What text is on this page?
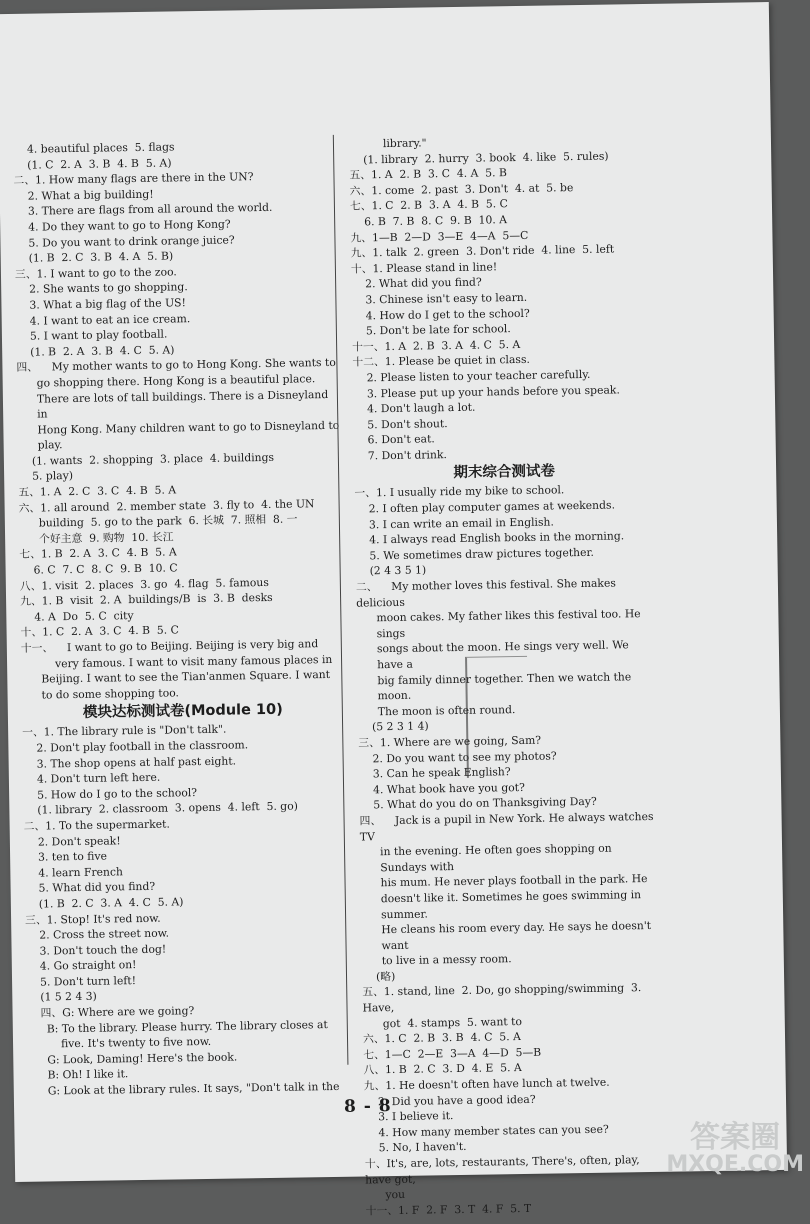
4. beautiful places  5. flags
(1. C  2. A  3. B  4. B  5. A)
二、1. How many flags are there in the UN?
2. What a big building!
3. There are flags from all around the world.
4. Do they want to go to Hong Kong?
5. Do you want to drink orange juice?
(1. B  2. C  3. B  4. A  5. B)
三、1. I want to go to the zoo.
2. She wants to go shopping.
3. What a big flag of the US!
4. I want to eat an ice cream.
5. I want to play football.
(1. B  2. A  3. B  4. C  5. A)
四、    My mother wants to go to Hong Kong. She wants to
go shopping there. Hong Kong is a beautiful place.
There are lots of tall buildings. There is a Disneyland in
Hong Kong. Many children want to go to Disneyland to
play.
(1. wants  2. shopping  3. place  4. buildings
5. play)
五、1. A  2. C  3. C  4. B  5. A
六、1. all around  2. member state  3. fly to  4. the UN
building  5. go to the park  6. 长城  7. 照相  8. 一
个好主意  9. 购物  10. 长江
七、1. B  2. A  3. C  4. B  5. A
6. C  7. C  8. C  9. B  10. C
八、1. visit  2. places  3. go  4. flag  5. famous
九、1. B  visit  2. A  buildings/B  is  3. B  desks
4. A  Do  5. C  city
十、1. C  2. A  3. C  4. B  5. C
十一、    I want to go to Beijing. Beijing is very big and
very famous. I want to visit many famous places in
Beijing. I want to see the Tian'anmen Square. I want
to do some shopping too.
模块达标测试卷(Module 10)
一、1. The library rule is "Don't talk".
2. Don't play football in the classroom.
3. The shop opens at half past eight.
4. Don't turn left here.
5. How do I go to the school?
(1. library  2. classroom  3. opens  4. left  5. go)
二、1. To the supermarket.
2. Don't speak!
3. ten to five
4. learn French
5. What did you find?
(1. B  2. C  3. A  4. C  5. A)
三、1. Stop! It's red now.
2. Cross the street now.
3. Don't touch the dog!
4. Go straight on!
5. Don't turn left!
(1 5 2 4 3)
四、G: Where are we going?
B: To the library. Please hurry. The library closes at
five. It's twenty to five now.
G: Look, Daming! Here's the book.
B: Oh! I like it.
G: Look at the library rules. It says, "Don't talk in the
library."
(1. library  2. hurry  3. book  4. like  5. rules)
五、1. A  2. B  3. C  4. A  5. B
六、1. come  2. past  3. Don't  4. at  5. be
七、1. C  2. B  3. A  4. B  5. C
6. B  7. B  8. C  9. B  10. A
九、1—B  2—D  3—E  4—A  5—C
九、1. talk  2. green  3. Don't ride  4. line  5. left
十、1. Please stand in line!
2. What did you find?
3. Chinese isn't easy to learn.
4. How do I get to the school?
5. Don't be late for school.
十一、1. A  2. B  3. A  4. C  5. A
十二、1. Please be quiet in class.
2. Please listen to your teacher carefully.
3. Please put up your hands before you speak.
4. Don't laugh a lot.
5. Don't shout.
6. Don't eat.
7. Don't drink.
期末综合测试卷
一、1. I usually ride my bike to school.
2. I often play computer games at weekends.
3. I can write an email in English.
4. I always read English books in the morning.
5. We sometimes draw pictures together.
(2 4 3 5 1)
二、    My mother loves this festival. She makes delicious
moon cakes. My father likes this festival too. He sings
songs about the moon. He sings very well. We have a
big family dinner together. Then we watch the moon.
The moon is often round.
(5 2 3 1 4)
三、1. Where are we going, Sam?
2. Do you want to see my photos?
3. Can he speak English?
4. What book have you got?
5. What do you do on Thanksgiving Day?
四、    Jack is a pupil in New York. He always watches TV
in the evening. He often goes shopping on Sundays with
his mum. He never plays football in the park. He
doesn't like it. Sometimes he goes swimming in summer.
He cleans his room every day. He says he doesn't want
to live in a messy room.
(略)
五、1. stand, line  2. Do, go shopping/swimming  3. Have,
got  4. stamps  5. want to
六、1. C  2. B  3. B  4. C  5. A
七、1—C  2—E  3—A  4—D  5—B
八、1. B  2. C  3. D  4. E  5. A
九、1. He doesn't often have lunch at twelve.
2. Did you have a good idea?
3. I believe it.
4. How many member states can you see?
5. No, I haven't.
十、It's, are, lots, restaurants, There's, often, play, have got,
you
十一、1. F  2. F  3. T  4. F  5. T
8 - 8
答案圈
MXQE.COM
